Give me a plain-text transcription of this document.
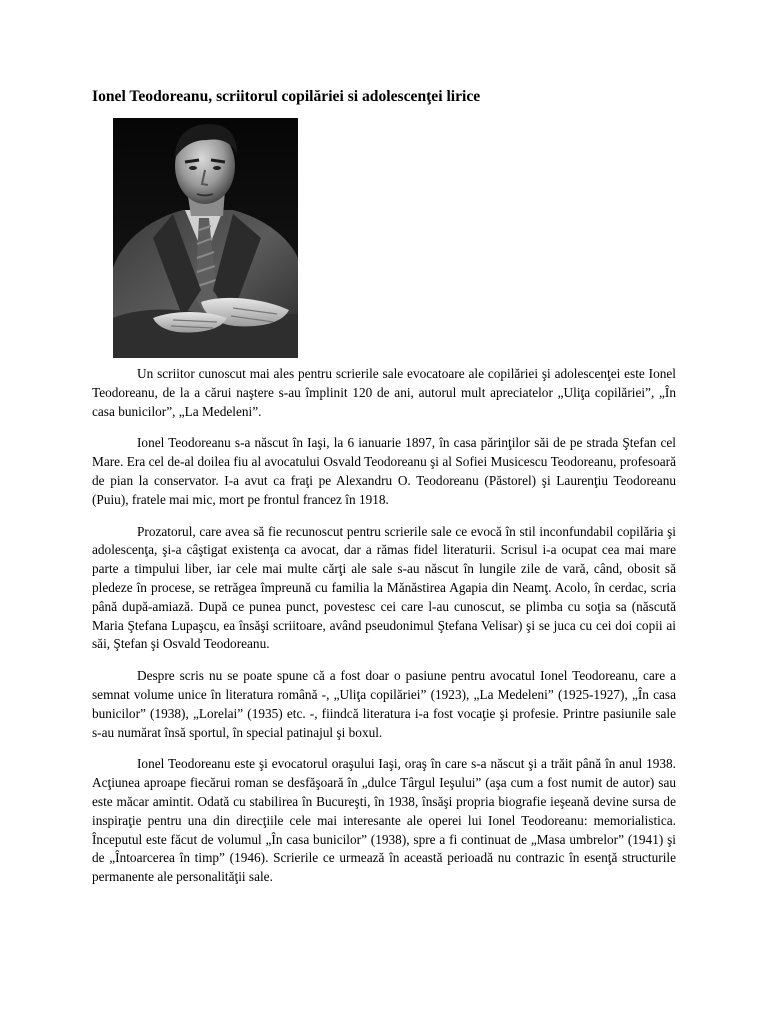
Ionel Teodoreanu, scriitorul copilăriei si adolescenţei lirice

Un scriitor cunoscut mai ales pentru scrierile sale evocatoare ale copilăriei şi adolescenţei este Ionel Teodoreanu, de la a cărui naştere s-au împlinit 120 de ani, autorul mult apreciatelor „Uliţa copilăriei”, „În casa bunicilor”, „La Medeleni”.

Ionel Teodoreanu s-a născut în Iaşi, la 6 ianuarie 1897, în casa părinţilor săi de pe strada Ştefan cel Mare. Era cel de-al doilea fiu al avocatului Osvald Teodoreanu şi al Sofiei Musicescu Teodoreanu, profesoară de pian la conservator. I-a avut ca fraţi pe Alexandru O. Teodoreanu (Păstorel) şi Laurenţiu Teodoreanu (Puiu), fratele mai mic, mort pe frontul francez în 1918.

Prozatorul, care avea să fie recunoscut pentru scrierile sale ce evocă în stil inconfundabil copilăria şi adolescenţa, şi-a câştigat existenţa ca avocat, dar a rămas fidel literaturii. Scrisul i-a ocupat cea mai mare parte a timpului liber, iar cele mai multe cărţi ale sale s-au născut în lungile zile de vară, când, obosit să pledeze în procese, se retrăgea împreună cu familia la Mănăstirea Agapia din Neamţ. Acolo, în cerdac, scria până după-amiază. După ce punea punct, povestesc cei care l-au cunoscut, se plimba cu soţia sa (născută Maria Ştefana Lupaşcu, ea însăşi scriitoare, având pseudonimul Ştefana Velisar) şi se juca cu cei doi copii ai săi, Ştefan şi Osvald Teodoreanu.

Despre scris nu se poate spune că a fost doar o pasiune pentru avocatul Ionel Teodoreanu, care a semnat volume unice în literatura română -, „Uliţa copilăriei” (1923), „La Medeleni” (1925-1927), „În casa bunicilor” (1938), „Lorelai” (1935) etc. -, fiindcă literatura i-a fost vocaţie şi profesie. Printre pasiunile sale s-au numărat însă sportul, în special patinajul şi boxul.

Ionel Teodoreanu este şi evocatorul oraşului Iaşi, oraş în care s-a născut şi a trăit până în anul 1938. Acţiunea aproape fiecărui roman se desfăşoară în „dulce Târgul Ieşului” (aşa cum a fost numit de autor) sau este măcar amintit. Odată cu stabilirea în Bucureşti, în 1938, însăşi propria biografie ieşeană devine sursa de inspiraţie pentru una din direcţiile cele mai interesante ale operei lui Ionel Teodoreanu: memorialistica. Începutul este făcut de volumul „În casa bunicilor” (1938), spre a fi continuat de „Masa umbrelor” (1941) şi de „Întoarcerea în timp” (1946). Scrierile ce urmează în această perioadă nu contrazic în esenţă structurile permanente ale personalităţii sale.
